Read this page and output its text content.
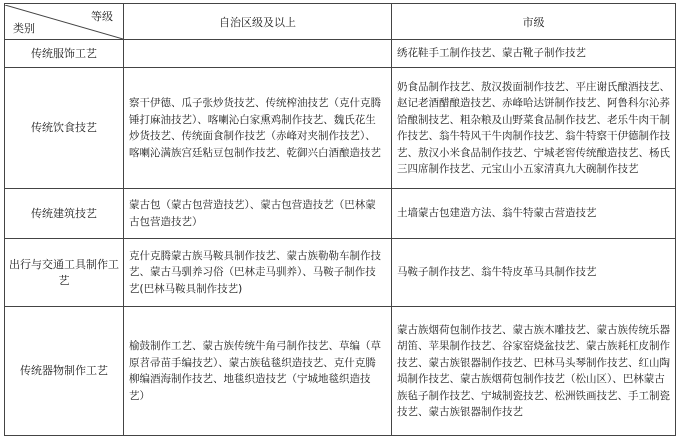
等级
类别	自治区级及以上	市级
传统服饰工艺		绣花鞋手工制作技艺、蒙古靴子制作技艺
传统饮食技艺	察干伊德、瓜子张炒货技艺、传统榨油技艺（克什克腾锤打麻油技艺）、喀喇沁白家熏鸡制作技艺、魏氏花生炒货技艺、传统面食制作技艺（赤峰对夹制作技艺）、喀喇沁满族宫廷粘豆包制作技艺、乾御兴白酒酿造技艺	奶食品制作技艺、敖汉拨面制作技艺、平庄谢氏酿酒技艺、赵记老酒醋酿造技艺、赤峰哈达饼制作技艺、阿鲁科尔沁荞饸酿制技艺、粗杂粮及山野菜食品制作技艺、老乐牛肉干制作技艺、翁牛特风干牛肉制作技艺、翁牛特察干伊德制作技艺、敖汉小米食品制作技艺、宁城老窖传统酿造技艺、杨氏三四席制作技艺、元宝山小五家清真九大碗制作技艺
传统建筑技艺	蒙古包（蒙古包营造技艺）、蒙古包营造技艺（巴林蒙古包营造技艺）	土墙蒙古包建造方法、翁牛特蒙古营造技艺
出行与交通工具制作工艺	克什克腾蒙古族马鞍具制作技艺、蒙古族勒勒车制作技艺、蒙古马驯养习俗（巴林走马驯养）、马鞍子制作技艺(巴林马鞍具制作技艺)	马鞍子制作技艺、翁牛特皮革马具制作技艺
传统器物制作工艺	榆鼓制作工艺、蒙古族传统牛角弓制作技艺、草编（草原苕帚苗手编技艺）、蒙古族毡毯织造技艺、克什克腾柳编酒海制作技艺、地毯织造技艺（宁城地毯织造技艺）	蒙古族烟荷包制作技艺、蒙古族木雕技艺、蒙古族传统乐器胡笛、苹果制作技艺、谷家窑烧盆技艺、蒙古族耗杠皮制作技艺、蒙古族银器制作技艺、巴林马头琴制作技艺、红山陶埙制作技艺、蒙古族烟荷包制作技艺（松山区）、巴林蒙古族毡子制作技艺、宁城制瓷技艺、松洲铁画技艺、手工制瓷技艺、蒙古族银器制作技艺
